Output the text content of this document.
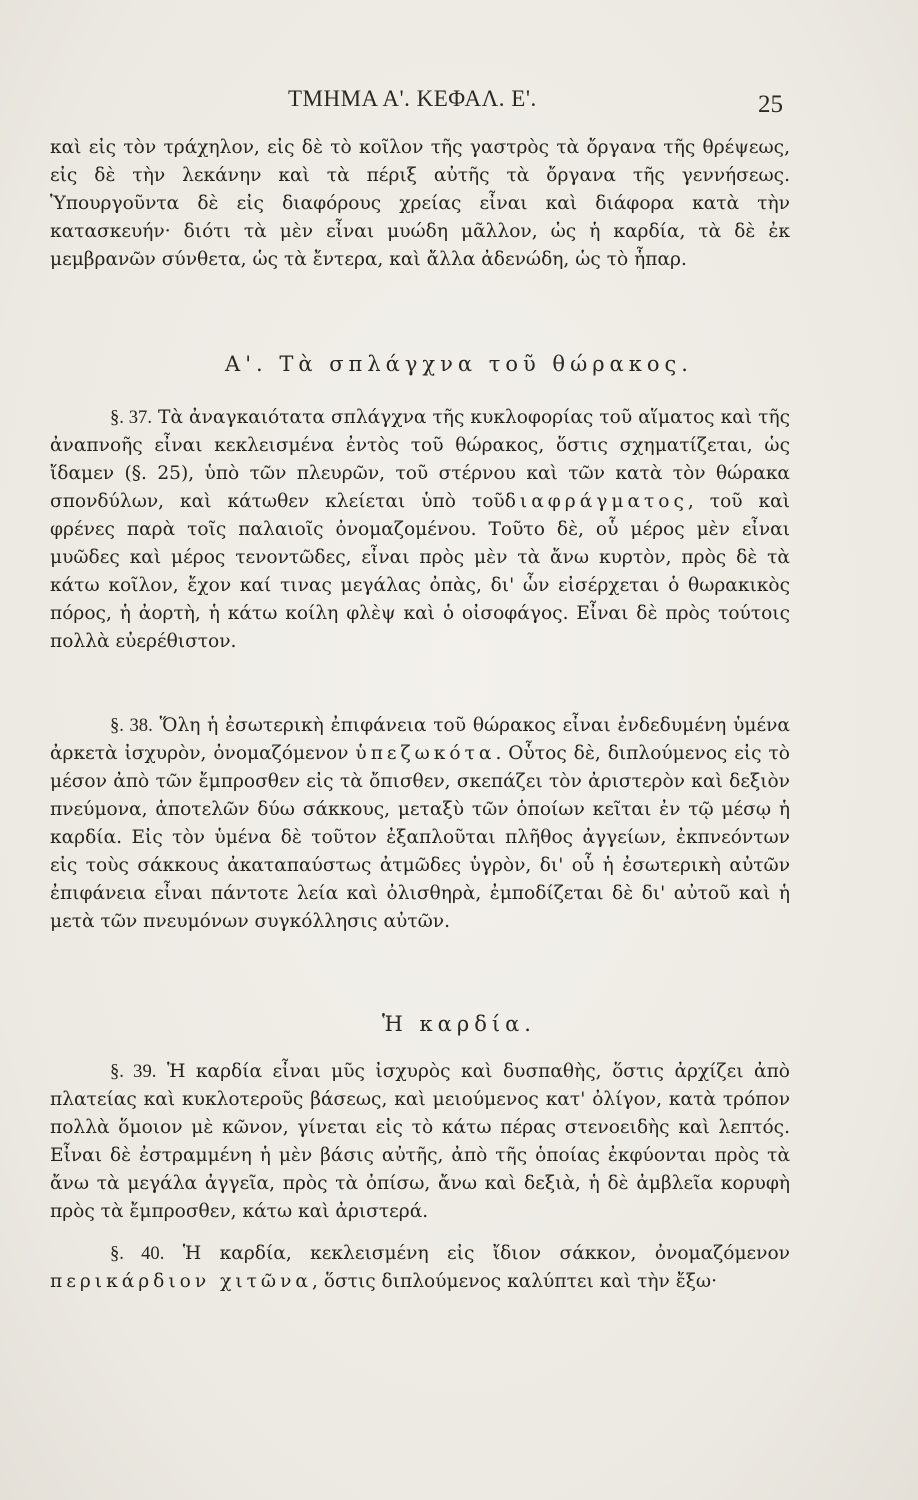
ΤΜΗΜΑ Α'. ΚΕΦΑΛ. Ε'.	25

καὶ εἰς τὸν τράχηλον, εἰς δὲ τὸ κοῖλον τῆς γαστρὸς τὰ ὄργανα τῆς θρέψεως, εἰς δὲ τὴν λεκάνην καὶ τὰ πέριξ αὐτῆς τὰ ὄργανα τῆς γεννήσεως. Ὑπουργοῦντα δὲ εἰς διαφόρους χρείας εἶναι καὶ διάφορα κατὰ τὴν κατασκευήν· διότι τὰ μὲν εἶναι μυώδη μᾶλλον, ὡς ἡ καρδία, τὰ δὲ ἐκ μεμβρανῶν σύνθετα, ὡς τὰ ἔντερα, καὶ ἄλλα ἀδενώδη, ὡς τὸ ἧπαρ.

Α'. Τὰ σπλάγχνα τοῦ θώρακος.

§. 37. Τὰ ἀναγκαιότατα σπλάγχνα τῆς κυκλοφορίας τοῦ αἵματος καὶ τῆς ἀναπνοῆς εἶναι κεκλεισμένα ἐντὸς τοῦ θώρακος, ὅστις σχηματίζεται, ὡς ἴδαμεν (§. 25), ὑπὸ τῶν πλευρῶν, τοῦ στέρνου καὶ τῶν κατὰ τὸν θώρακα σπονδύλων, καὶ κάτωθεν κλείεται ὑπὸ τοῦδιαφράγματος, τοῦ καὶ φρένες παρὰ τοῖς παλαιοῖς ὀνομαζομένου. Τοῦτο δὲ, οὗ μέρος μὲν εἶναι μυῶδες καὶ μέρος τενοντῶδες, εἶναι πρὸς μὲν τὰ ἄνω κυρτὸν, πρὸς δὲ τὰ κάτω κοῖλον, ἔχον καί τινας μεγάλας ὀπὰς, δι' ὧν εἰσέρχεται ὁ θωρακικὸς πόρος, ἡ ἀορτὴ, ἡ κάτω κοίλη φλὲψ καὶ ὁ οἰσοφάγος. Εἶναι δὲ πρὸς τούτοις πολλὰ εὐερέθιστον.

§. 38. Ὅλη ἡ ἐσωτερικὴ ἐπιφάνεια τοῦ θώρακος εἶναι ἐνδεδυμένη ὑμένα ἀρκετὰ ἰσχυρὸν, ὀνομαζόμενον ὑπεζωκότα. Οὗτος δὲ, διπλούμενος εἰς τὸ μέσον ἀπὸ τῶν ἔμπροσθεν εἰς τὰ ὄπισθεν, σκεπάζει τὸν ἀριστερὸν καὶ δεξιὸν πνεύμονα, ἀποτελῶν δύω σάκκους, μεταξὺ τῶν ὁποίων κεῖται ἐν τῷ μέσῳ ἡ καρδία. Εἰς τὸν ὑμένα δὲ τοῦτον ἐξαπλοῦται πλῆθος ἀγγείων, ἐκπνεόντων εἰς τοὺς σάκκους ἀκαταπαύστως ἀτμῶδες ὑγρὸν, δι' οὗ ἡ ἐσωτερικὴ αὐτῶν ἐπιφάνεια εἶναι πάντοτε λεία καὶ ὀλισθηρὰ, ἐμποδίζεται δὲ δι' αὐτοῦ καὶ ἡ μετὰ τῶν πνευμόνων συγκόλλησις αὐτῶν.

Ἡ καρδία.

§. 39. Ἡ καρδία εἶναι μῦς ἰσχυρὸς καὶ δυσπαθὴς, ὅστις ἀρχίζει ἀπὸ πλατείας καὶ κυκλοτεροῦς βάσεως, καὶ μειούμενος κατ' ὀλίγον, κατὰ τρόπον πολλὰ ὅμοιον μὲ κῶνον, γίνεται εἰς τὸ κάτω πέρας στενοειδὴς καὶ λεπτός. Εἶναι δὲ ἐστραμμένη ἡ μὲν βάσις αὐτῆς, ἀπὸ τῆς ὁποίας ἐκφύονται πρὸς τὰ ἄνω τὰ μεγάλα ἀγγεῖα, πρὸς τὰ ὀπίσω, ἄνω καὶ δεξιὰ, ἡ δὲ ἀμβλεῖα κορυφὴ πρὸς τὰ ἔμπροσθεν, κάτω καὶ ἀριστερά.

§. 40. Ἡ καρδία, κεκλεισμένη εἰς ἴδιον σάκκον, ὀνομαζόμενον περικάρδιον χιτῶνα, ὅστις διπλούμενος καλύπτει καὶ τὴν ἔξω·
